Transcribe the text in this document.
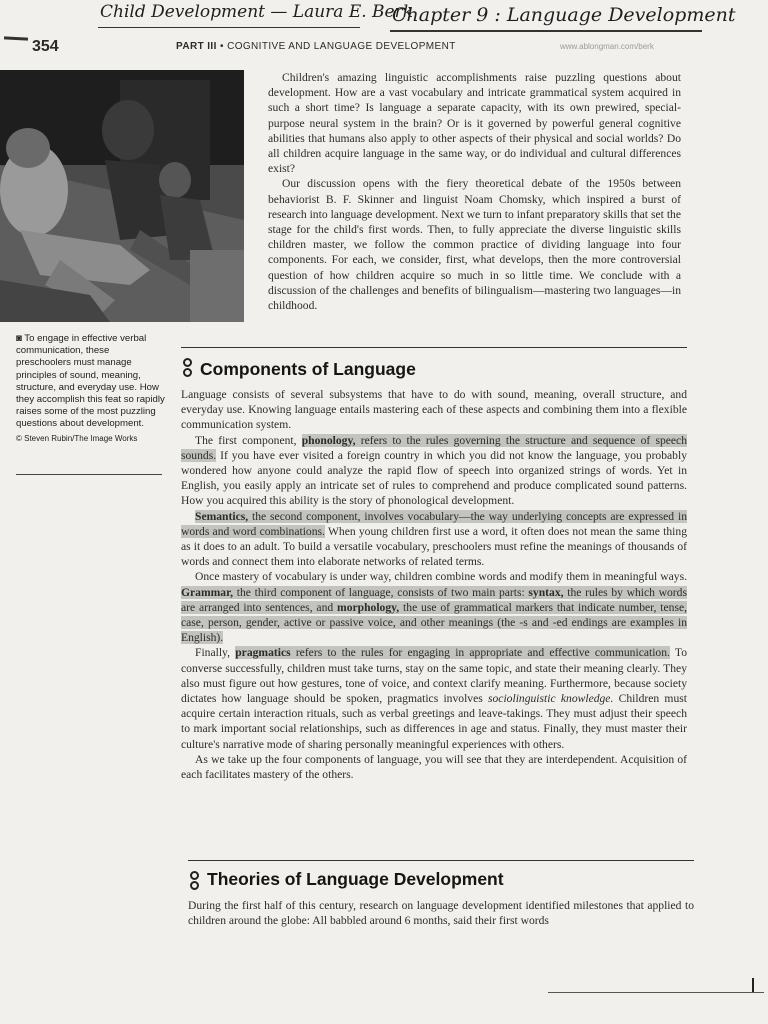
Child Development — Laura E. Berk
Chapter 9 : Language Development
354	PART III • COGNITIVE AND LANGUAGE DEVELOPMENT	www.ablongman.com/berk
◙ To engage in effective verbal communication, these preschoolers must manage principles of sound, meaning, structure, and everyday use. How they accomplish this feat so rapidly raises some of the most puzzling questions about development.
© Steven Rubin/The Image Works

Children's amazing linguistic accomplishments raise puzzling questions about development. How are a vast vocabulary and intricate grammatical system acquired in such a short time? Is language a separate capacity, with its own prewired, special-purpose neural system in the brain? Or is it governed by powerful general cognitive abilities that humans also apply to other aspects of their physical and social worlds? Do all children acquire language in the same way, or do individual and cultural differences exist?

Our discussion opens with the fiery theoretical debate of the 1950s between behaviorist B. F. Skinner and linguist Noam Chomsky, which inspired a burst of research into language development. Next we turn to infant preparatory skills that set the stage for the child's first words. Then, to fully appreciate the diverse linguistic skills children master, we follow the common practice of dividing language into four components. For each, we consider, first, what develops, then the more controversial question of how children acquire so much in so little time. We conclude with a discussion of the challenges and benefits of bilingualism—mastering two languages—in childhood.

Components of Language

Language consists of several subsystems that have to do with sound, meaning, overall structure, and everyday use. Knowing language entails mastering each of these aspects and combining them into a flexible communication system.

The first component, phonology, refers to the rules governing the structure and sequence of speech sounds. If you have ever visited a foreign country in which you did not know the language, you probably wondered how anyone could analyze the rapid flow of speech into organized strings of words. Yet in English, you easily apply an intricate set of rules to comprehend and produce complicated sound patterns. How you acquired this ability is the story of phonological development.

Semantics, the second component, involves vocabulary—the way underlying concepts are expressed in words and word combinations. When young children first use a word, it often does not mean the same thing as it does to an adult. To build a versatile vocabulary, preschoolers must refine the meanings of thousands of words and connect them into elaborate networks of related terms.

Once mastery of vocabulary is under way, children combine words and modify them in meaningful ways. Grammar, the third component of language, consists of two main parts: syntax, the rules by which words are arranged into sentences, and morphology, the use of grammatical markers that indicate number, tense, case, person, gender, active or passive voice, and other meanings (the -s and -ed endings are examples in English).

Finally, pragmatics refers to the rules for engaging in appropriate and effective communication. To converse successfully, children must take turns, stay on the same topic, and state their meaning clearly. They also must figure out how gestures, tone of voice, and context clarify meaning. Furthermore, because society dictates how language should be spoken, pragmatics involves sociolinguistic knowledge. Children must acquire certain interaction rituals, such as verbal greetings and leave-takings. They must adjust their speech to mark important social relationships, such as differences in age and status. Finally, they must master their culture's narrative mode of sharing personally meaningful experiences with others.

As we take up the four components of language, you will see that they are interdependent. Acquisition of each facilitates mastery of the others.

Theories of Language Development

During the first half of this century, research on language development identified milestones that applied to children around the globe: All babbled around 6 months, said their first words
